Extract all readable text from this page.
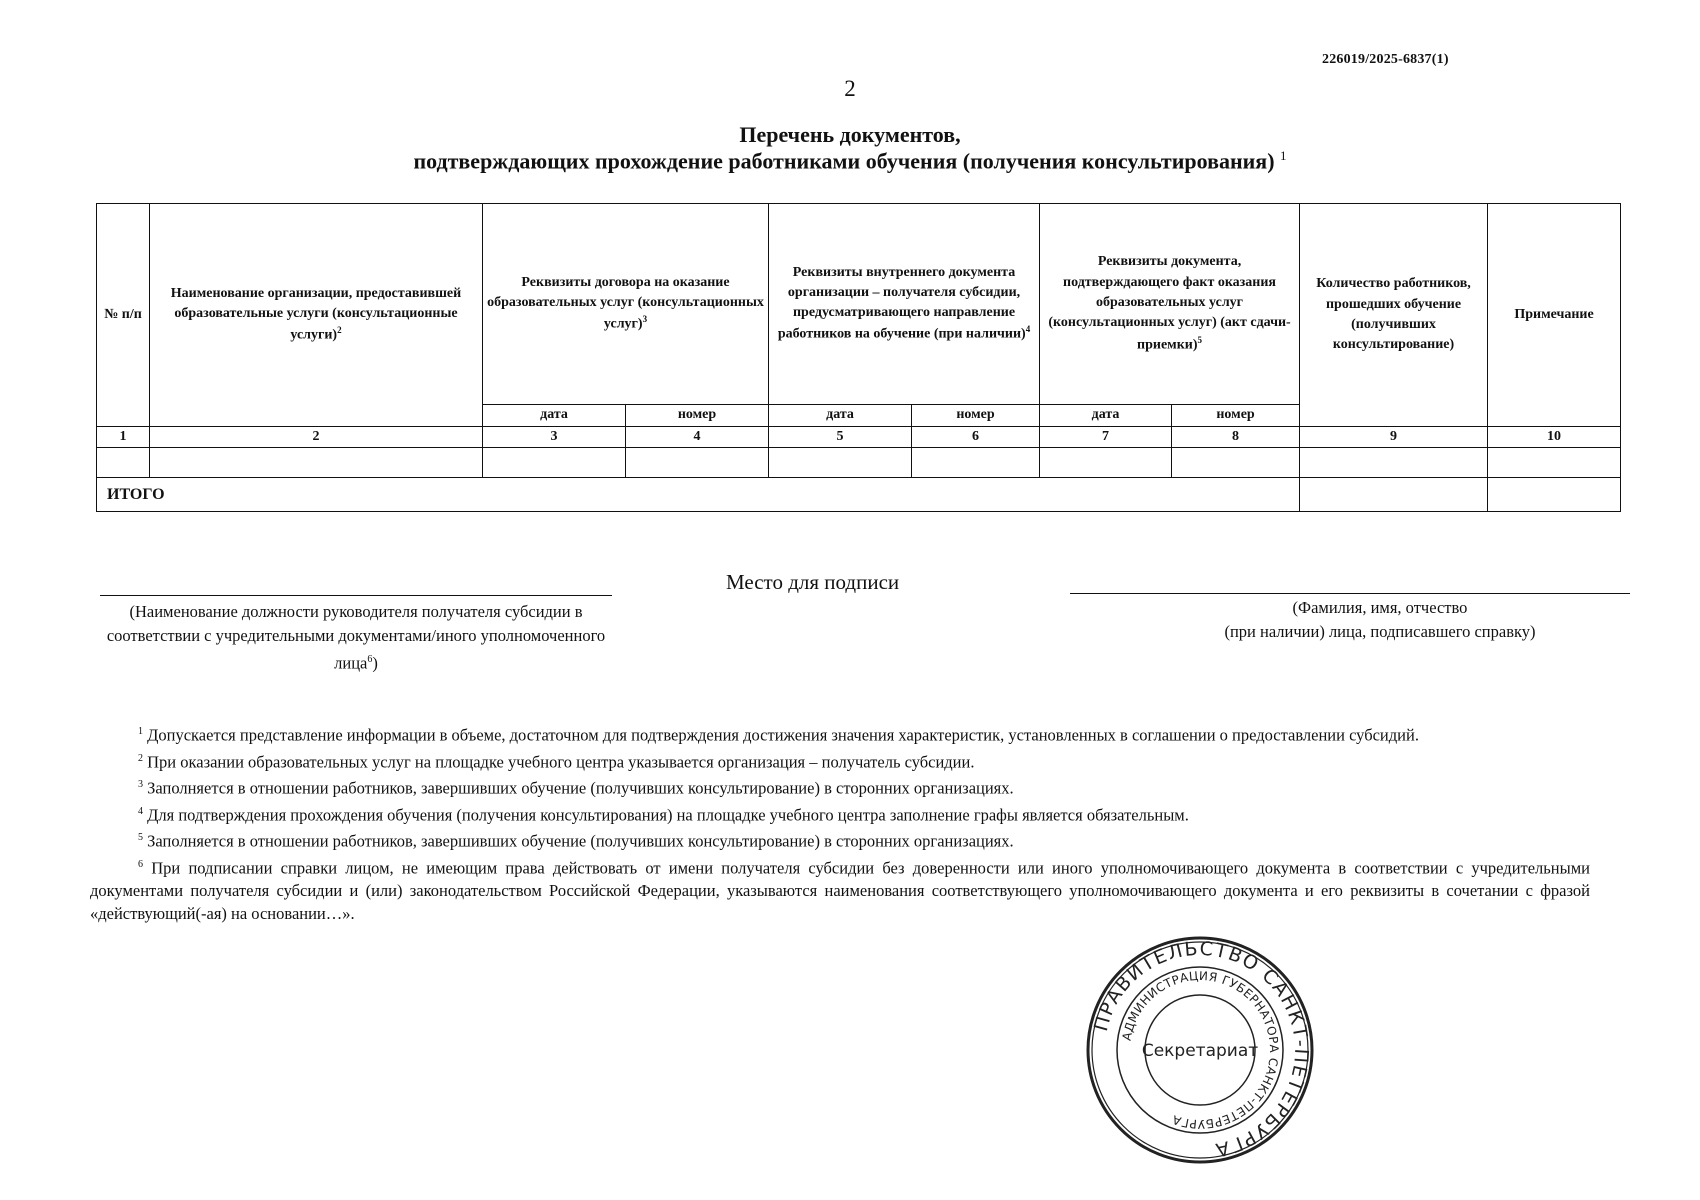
226019/2025-6837(1)
2
Перечень документов,
подтверждающих прохождение работниками обучения (получения консультирования) $^1$
№ п/п	Наименование организации, предоставившей образовательные услуги (консультационные услуги)$^2$	Реквизиты договора на оказание образовательных услуг (консультационных услуг)$^3$		Реквизиты внутреннего документа организации – получателя субсидии, предусматривающего направление работников на обучение (при наличии)$^4$		Реквизиты документа, подтверждающего факт оказания образовательных услуг (консультационных услуг) (акт сдачи-приемки)$^5$		Количество работников, прошедших обучение (получивших консультирование)	Примечание
		дата	номер	дата	номер	дата	номер		
1	2	3	4	5	6	7	8	9	10

ИТОГО									
Место для подписи
(Наименование должности руководителя получателя субсидии в соответствии с учредительными документами/иного уполномоченного лица$^6$)
(Фамилия, имя, отчество
(при наличии) лица, подписавшего справку)

$^1$ Допускается представление информации в объеме, достаточном для подтверждения достижения значения характеристик, установленных в соглашении о предоставлении субсидий.

$^2$ При оказании образовательных услуг на площадке учебного центра указывается организация – получатель субсидии.

$^3$ Заполняется в отношении работников, завершивших обучение (получивших консультирование) в сторонних организациях.

$^4$ Для подтверждения прохождения обучения (получения консультирования) на площадке учебного центра заполнение графы является обязательным.

$^5$ Заполняется в отношении работников, завершивших обучение (получивших консультирование) в сторонних организациях.

$^6$ При подписании справки лицом, не имеющим права действовать от имени получателя субсидии без доверенности или иного уполномочивающего документа в соответствии с учредительными документами получателя субсидии и (или) законодательством Российской Федерации, указываются наименования соответствующего уполномочивающего документа и его реквизиты в сочетании с фразой «действующий(-ая) на основании…».

ПРАВИТЕЛЬСТВО САНКТ-ПЕТЕРБУРГА
АДМИНИСТРАЦИЯ ГУБЕРНАТОРА САНКТ-ПЕТЕРБУРГА
Секретариат
